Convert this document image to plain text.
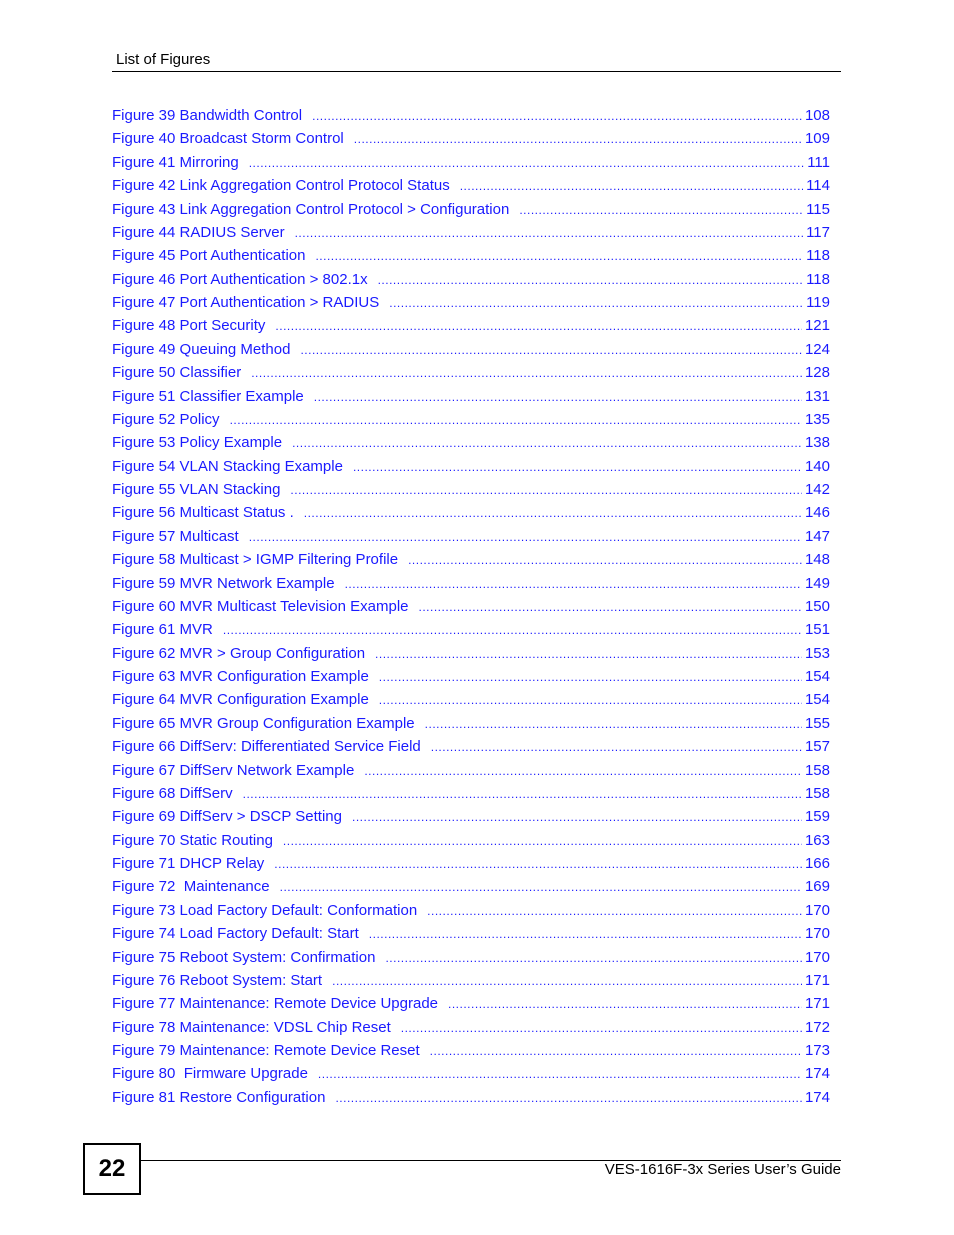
List of Figures
Figure 39 Bandwidth Control .....	108
Figure 40 Broadcast Storm Control .....	109
Figure 41 Mirroring .....	111
Figure 42 Link Aggregation Control Protocol Status .....	114
Figure 43 Link Aggregation Control Protocol > Configuration .....	115
Figure 44 RADIUS Server .....	117
Figure 45 Port Authentication .....	118
Figure 46 Port Authentication > 802.1x .....	118
Figure 47 Port Authentication > RADIUS .....	119
Figure 48 Port Security .....	121
Figure 49 Queuing Method .....	124
Figure 50 Classifier .....	128
Figure 51 Classifier Example .....	131
Figure 52 Policy .....	135
Figure 53 Policy Example .....	138
Figure 54 VLAN Stacking Example .....	140
Figure 55 VLAN Stacking .....	142
Figure 56 Multicast Status . .....	146
Figure 57 Multicast .....	147
Figure 58 Multicast > IGMP Filtering Profile .....	148
Figure 59 MVR Network Example .....	149
Figure 60 MVR Multicast Television Example .....	150
Figure 61 MVR .....	151
Figure 62 MVR > Group Configuration .....	153
Figure 63 MVR Configuration Example .....	154
Figure 64 MVR Configuration Example .....	154
Figure 65 MVR Group Configuration Example .....	155
Figure 66 DiffServ: Differentiated Service Field .....	157
Figure 67 DiffServ Network Example .....	158
Figure 68 DiffServ .....	158
Figure 69 DiffServ > DSCP Setting .....	159
Figure 70 Static Routing .....	163
Figure 71 DHCP Relay .....	166
Figure 72  Maintenance .....	169
Figure 73 Load Factory Default: Conformation .....	170
Figure 74 Load Factory Default: Start .....	170
Figure 75 Reboot System: Confirmation .....	170
Figure 76 Reboot System: Start .....	171
Figure 77 Maintenance: Remote Device Upgrade .....	171
Figure 78 Maintenance: VDSL Chip Reset .....	172
Figure 79 Maintenance: Remote Device Reset .....	173
Figure 80  Firmware Upgrade .....	174
Figure 81 Restore Configuration .....	174
22	VES-1616F-3x Series User’s Guide
